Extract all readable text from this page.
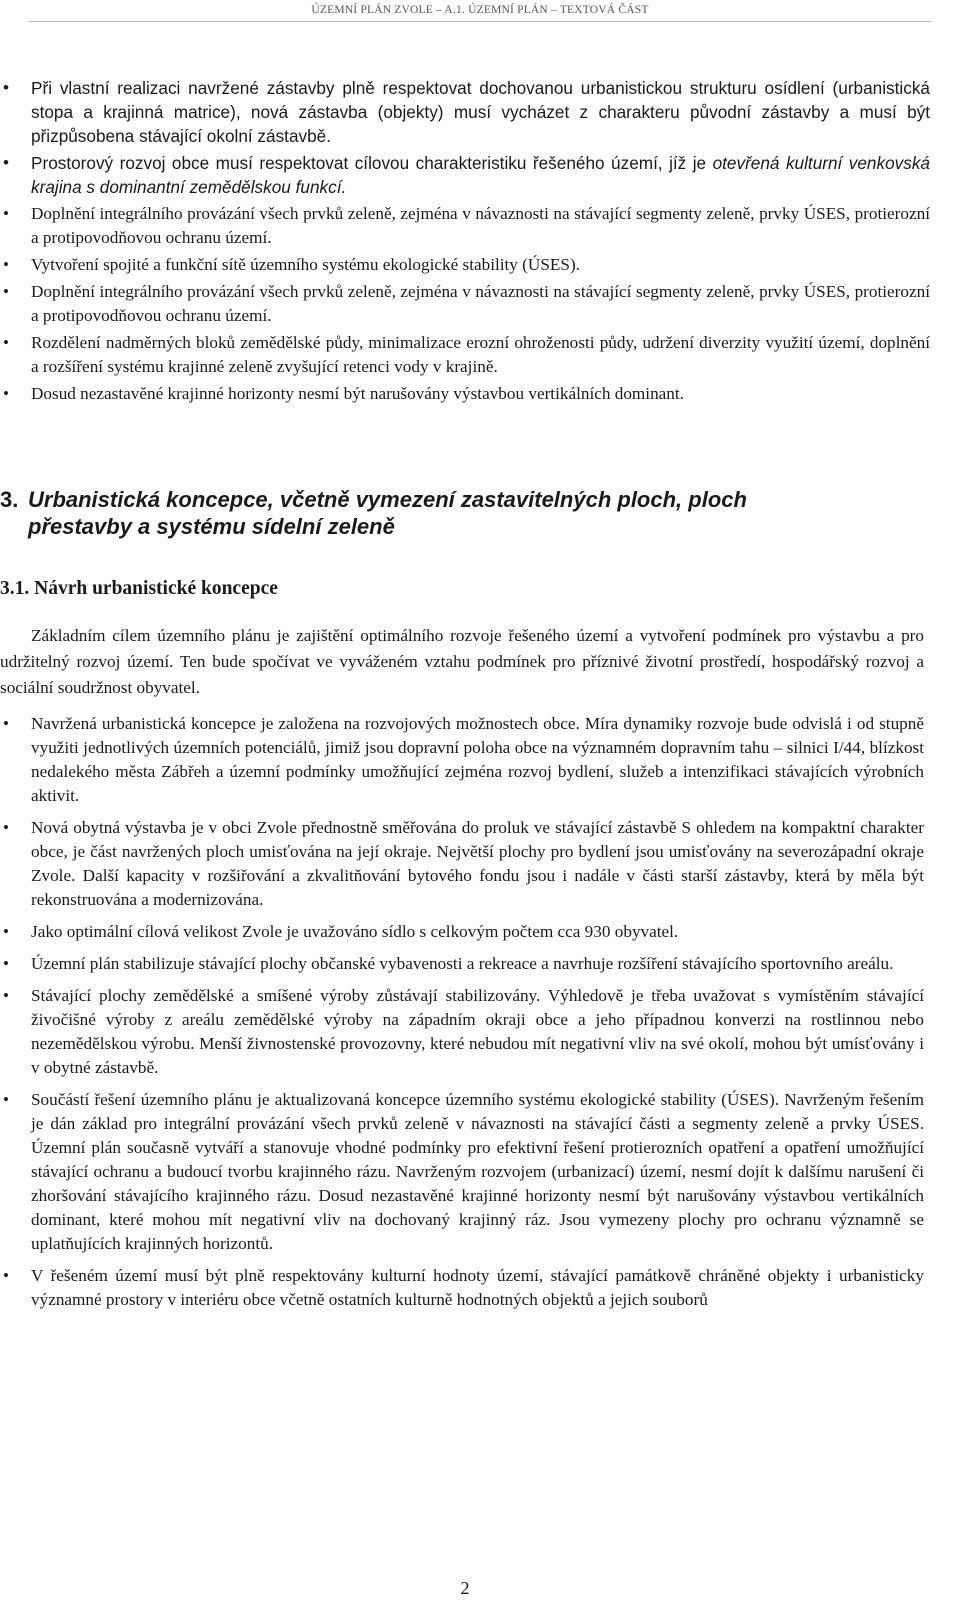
ÚZEMNÍ PLÁN ZVOLE – A.1. ÚZEMNÍ PLÁN – TEXTOVÁ ČÁST
• Při vlastní realizaci navržené zástavby plně respektovat dochovanou urbanistickou strukturu osídlení (urbanistická stopa a krajinná matrice), nová zástavba (objekty) musí vycházet z charakteru původní zástavby a musí být přizpůsobena stávající okolní zástavbě.
• Prostorový rozvoj obce musí respektovat cílovou charakteristiku řešeného území, jíž je otevřená kulturní venkovská krajina s dominantní zemědělskou funkcí.
• Doplnění integrálního provázání všech prvků zeleně, zejména v návaznosti na stávající segmenty zeleně, prvky ÚSES, protierozní a protipovodňovou ochranu území.
• Vytvoření spojité a funkční sítě územního systému ekologické stability (ÚSES).
• Doplnění integrálního provázání všech prvků zeleně, zejména v návaznosti na stávající segmenty zeleně, prvky ÚSES, protierozní a protipovodňovou ochranu území.
• Rozdělení nadměrných bloků zemědělské půdy, minimalizace erozní ohroženosti půdy, udržení diverzity využití území, doplnění a rozšíření systému krajinné zeleně zvyšující retenci vody v krajině.
• Dosud nezastavěné krajinné horizonty nesmí být narušovány výstavbou vertikálních dominant.
3. Urbanistická koncepce, včetně vymezení zastavitelných ploch, ploch
přestavby a systému sídelní zeleně
3.1. Návrh urbanistické koncepce

Základním cílem územního plánu je zajištění optimálního rozvoje řešeného území a vytvoření podmínek pro výstavbu a pro udržitelný rozvoj území. Ten bude spočívat ve vyváženém vztahu podmínek pro příznivé životní prostředí, hospodářský rozvoj a sociální soudržnost obyvatel.

• Navržená urbanistická koncepce je založena na rozvojových možnostech obce. Míra dynamiky rozvoje bude odvislá i od stupně využiti jednotlivých územních potenciálů, jimiž jsou dopravní poloha obce na významném dopravním tahu – silnici I/44, blízkost nedalekého města Zábřeh a územní podmínky umožňující zejména rozvoj bydlení, služeb a intenzifikaci stávajících výrobních aktivit.
• Nová obytná výstavba je v obci Zvole přednostně směřována do proluk ve stávající zástavbě S ohledem na kompaktní charakter obce, je část navržených ploch umisťována na její okraje. Největší plochy pro bydlení jsou umisťovány na severozápadní okraje Zvole. Další kapacity v rozšiřování a zkvalitňování bytového fondu jsou i nadále v části starší zástavby, která by měla být rekonstruována a modernizována.
• Jako optimální cílová velikost Zvole je uvažováno sídlo s celkovým počtem cca 930 obyvatel.
• Územní plán stabilizuje stávající plochy občanské vybavenosti a rekreace a navrhuje rozšíření stávajícího sportovního areálu.
• Stávající plochy zemědělské a smíšené výroby zůstávají stabilizovány. Výhledově je třeba uvažovat s vymístěním stávající živočišné výroby z areálu zemědělské výroby na západním okraji obce a jeho případnou konverzi na rostlinnou nebo nezemědělskou výrobu. Menší živnostenské provozovny, které nebudou mít negativní vliv na své okolí, mohou být umísťovány i v obytné zástavbě.
• Součástí řešení územního plánu je aktualizovaná koncepce územního systému ekologické stability (ÚSES). Navrženým řešením je dán základ pro integrální provázání všech prvků zeleně v návaznosti na stávající části a segmenty zeleně a prvky ÚSES. Územní plán současně vytváří a stanovuje vhodné podmínky pro efektivní řešení protierozních opatření a opatření umožňující stávající ochranu a budoucí tvorbu krajinného rázu. Navrženým rozvojem (urbanizací) území, nesmí dojít k dalšímu narušení či zhoršování stávajícího krajinného rázu. Dosud nezastavěné krajinné horizonty nesmí být narušovány výstavbou vertikálních dominant, které mohou mít negativní vliv na dochovaný krajinný ráz. Jsou vymezeny plochy pro ochranu významně se uplatňujících krajinných horizontů.
• V řešeném území musí být plně respektovány kulturní hodnoty území, stávající památkově chráněné objekty i urbanisticky významné prostory v interiéru obce včetně ostatních kulturně hodnotných objektů a jejich souborů
2
